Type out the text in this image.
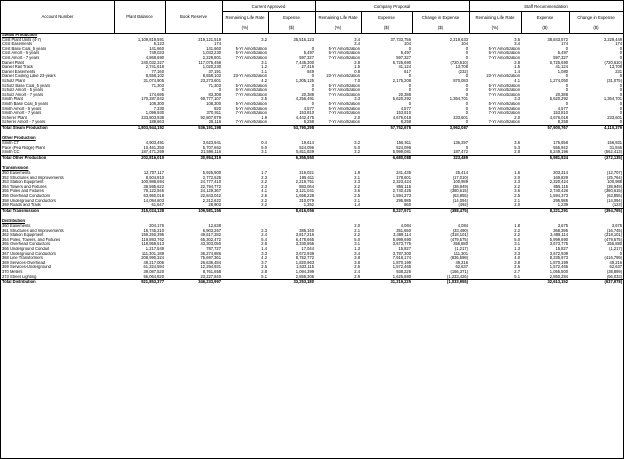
Account Number	Plant Balance	Book Reserve
Current Approved	Company Proposal	Staff Recommendation
Remaining Life Rate	Expense	Remaining Life Rate	Expense	Change in Expense	Remaining Life Rate	Expense	Change in Expense
(%)	($)	(%)	($)	($)	(%)	($)	($)
Steam Production										
Crist Plant Units (4-7)	1,109,819,591	219,121,519	3.2	35,516,123	3.4	37,733,756	2,219,633	3.5	38,843,572	3,329,449
Crist Easements	6,123	174			3.4	104	104	3.4	174	174
Crist Base Coal_5 years	141,660	141,660	5-Yr Amortization	0	5-Yr Amortization	0	0	5-Yr Amortization	0	0
Crist Amort - 5 years	749,033	1,033,230	5-Yr Amortization	5,497	5-Yr Amortization	5,497	0	5-Yr Amortization	5,497	0
Crist Amort - 7 years	4,868,690	2,229,801	7-Yr Amortization	597,327	7-Yr Amortization	597,327	0	7-Yr Amortization	597,327	0
Daniel Plant	240,032,327	117,075,458	3.1	7,445,300	2.8	6,725,690	(720,610)	2.8	6,725,690	(720,610)
Daniel Rail Track	2,741,618	1,020,230	1.2	27,416	1.5	41,124	13,708	1.5	41,124	13,708
Daniel Easements	77,160	37,191	1.1	849	0.8	617	(232)	1.4	1,080	231
Daniel Cooling Lake 23-years	8,558,102	8,558,102	23-Yr Amortization	0	23-Yr Amortization	0	0	23-Yr Amortization	0	0
Scholz Plant	31,074,905	23,273,601	4.2	1,305,125	7.0	2,175,208	870,083	4.1	1,274,050	(31,075)
Scholz Base Coal_5 years	71,303	71,303	5-Yr Amortization	0	5-Yr Amortization	0	0	5-Yr Amortization	0	0
Scholz Amort - 5 years	0	0	5-Yr Amortization	0	5-Yr Amortization	0	0	5-Yr Amortization	0	0
Scholz Amort - 7 years	174,695	83,308	7-Yr Amortization	20,388	7-Yr Amortization	20,388	0	7-Yr Amortization	20,388	0
Smith Plant	170,287,842	69,777,107	2.5	4,256,491	3.3	5,620,292	1,364,701	3.3	5,620,292	1,364,701
Smith Base Coal_5 years	108,300	108,300	5-Yr Amortization	0	5-Yr Amortization	0	0	5-Yr Amortization	0	0
Smith Amort - 5 years	7,330	820	5-Yr Amortization	4,577	5-Yr Amortization	4,577	0	5-Yr Amortization	4,577	0
Smith Amort - 7 years	1,099,930	370,911	7-Yr Amortization	153,810	7-Yr Amortization	153,810	0	7-Yr Amortization	153,810	0
Scherer Plant	233,803,938	92,807,879	1.9	4,442,475	2.0	4,676,018	233,601	2.0	4,676,018	233,601
Scherer Amort - 7 years	189,663	25,116	7-Yr Amortization	8,258	7-Yr Amortization	8,258	0	7-Yr Amortization	8,258	0
Total Steam Production	1,803,944,192	536,191,198		53,790,298		57,752,675	3,962,087		57,900,767	4,110,379

Other Production										
Smith CT	4,903,491	3,623,941	0.4	19,614	3.2	156,911	136,297	3.6	176,658	156,931
Pace (Pea Ridge) Plant	10,461,250	5,707,662	5.0	524,096	5.0	524,096	0	5.3	555,942	31,846
Smith CC	187,471,269	21,596,116	3.1	5,811,839	3.2	5,999,081	187,472	2.8	5,249,196	(562,413)
Total Other Production	202,816,010	30,954,319		6,355,550		6,680,088	323,489		5,981,824	(372,135)

Transmission										
350 Easements	12,707,117	5,925,900	1.7	216,021	1.9	241,435	25,414	1.6	203,314	(12,707)
352 Structures and Improvements	8,504,810	2,772,625	2.3	195,611	2.1	178,601	(17,010)	2.0	169,829	(25,764)
353 Station Equipment	100,988,694	24,777,410	2.2	2,219,751	2.3	2,323,424	100,989	2.3	2,320,424	100,988
354 Towers and Fixtures	38,595,622	22,794,772	2.3	883,064	2.2	855,115	(38,949)	2.2	855,115	(38,949)
355 Poles and Fixtures	78,122,945	24,129,367	4.1	3,121,041	3.6	2,740,426	(380,615)	3.6	2,740,426	(380,615)
356 Overhead Conductors	63,950,018	22,843,042	2.6	1,658,228	2.5	1,594,373	(63,855)	2.5	1,594,373	(63,855)
358 Underground Conductors	14,094,603	2,312,622	2.2	310,079	2.1	295,985	(14,094)	2.1	295,985	(14,094)
359 Roads and Trails	61,647	28,903	2.2	1,352	1.4	860	(492)	2.0	1,239	(123)
Total Transmission	315,024,128	109,581,156		8,616,056		8,227,571	(388,475)		8,221,291	(394,765)

Distribution										
360 Easements	204,176	12,638			2.0	4,084	4,084	1.8	3,675	3,675
361 Structures and Improvements	16,745,210	6,903,267	2.3	385,140	2.1	351,650	(33,490)	2.2	368,395	(16,745)
362 Station Equipment	159,250,396	49,617,282	2.4	3,817,216	2.2	3,489,114	(318,101)	2.2	3,489,114	(318,101)
364 Poles, Towers, and Fixtures	119,893,762	65,302,472	5.4	6,478,665	5.0	5,999,690	(479,575)	5.0	5,999,690	(479,575)
365 Overhead Conductors	118,959,513	43,303,050	2.8	3,330,866	3.1	3,673,775	355,880	3.1	3,673,775	355,880
366 Underground Conduit	1,217,549	787,727	1.4	17,044	1.3	15,827	(1,217)	1.3	15,827	(1,217)
367 Underground Conductors	111,301,189	36,274,886	3.3	3,672,939	3.4	3,787,300	111,301	3.3	3,672,939	0
368 Line Transformers	208,990,324	75,697,361	4.2	8,752,772	3.8	7,918,174	(836,598)	4.0	8,335,973	(416,799)
369 Services-Overhead	49,217,006	26,636,484	3.7	1,820,963	3.8	1,870,199	49,216	3.8	1,870,199	49,216
369 Services-Underground	61,324,594	12,294,931	2.5	1,533,115	2.6	1,572,465	62,637	2.6	1,572,465	62,637
370 Meters	39,087,520	8,761,658	2.8	1,094,399	2.4	938,226	(156,371)	2.7	1,055,500	(38,899)
373 Street Lighting	56,064,820	23,227,840	5.1	2,859,306	2.9	1,625,880	(1,233,426)	5.1	2,850,284	(56,033)
Total Distribution	921,853,377	346,233,997		33,253,180		31,219,225	(1,033,955)		32,613,152	(637,978)
